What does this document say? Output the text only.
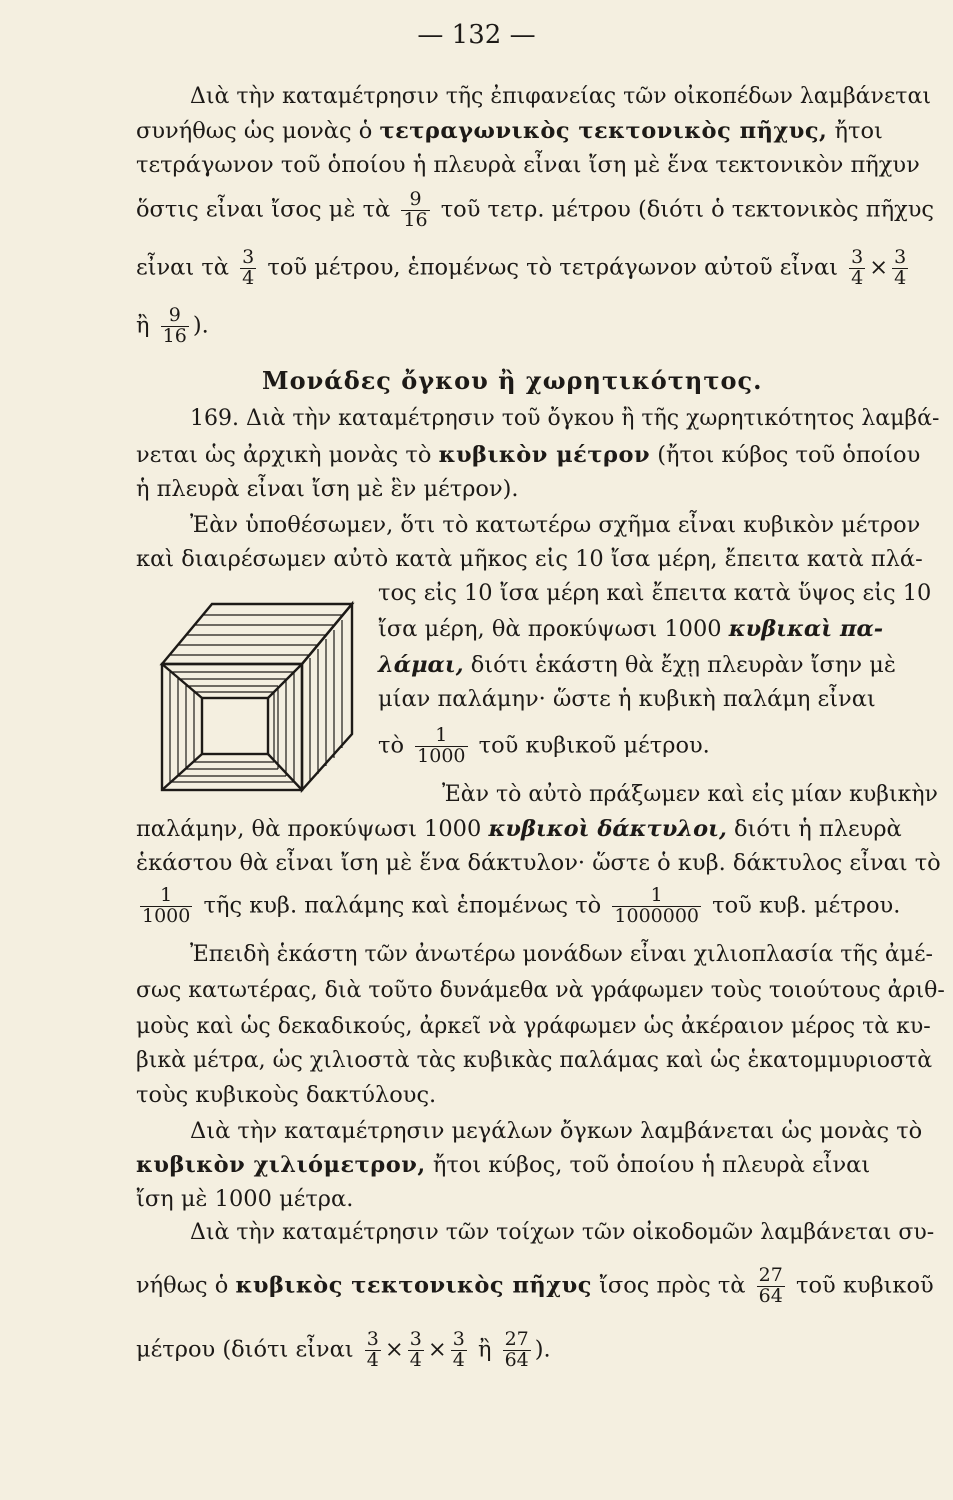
— 132 —
Διὰ τὴν καταμέτρησιν τῆς ἐπιφανείας τῶν οἰκοπέδων λαμβάνεται
συνήθως ὡς μονὰς ὁ τετραγωνικὸς τεκτονικὸς πῆχυς, ἤτοι
τετράγωνον τοῦ ὁποίου ἡ πλευρὰ εἶναι ἴση μὲ ἕνα τεκτονικὸν πῆχυν
ὅστις εἶναι ἴσος μὲ τὰ $\frac{9}{16}$ τοῦ τετρ. μέτρου (διότι ὁ τεκτονικὸς πῆχυς
εἶναι τὰ $\frac{3}{4}$ τοῦ μέτρου, ἑπομένως τὸ τετράγωνον αὐτοῦ εἶναι $\frac{3}{4} \times \frac{3}{4}$
ἢ $\frac{9}{16}$ ).
Μονάδες ὄγκου ἢ χωρητικότητος.
169. Διὰ τὴν καταμέτρησιν τοῦ ὄγκου ἢ τῆς χωρητικότητος λαμβά-
νεται ὡς ἀρχικὴ μονὰς τὸ κυβικὸν μέτρον (ἤτοι κύβος τοῦ ὁποίου
ἡ πλευρὰ εἶναι ἴση μὲ ἓν μέτρον).
Ἐὰν ὑποθέσωμεν, ὅτι τὸ κατωτέρω σχῆμα εἶναι κυβικὸν μέτρον
καὶ διαιρέσωμεν αὐτὸ κατὰ μῆκος εἰς 10 ἴσα μέρη, ἔπειτα κατὰ πλά-
τος εἰς 10 ἴσα μέρη καὶ ἔπειτα κατὰ ὕψος εἰς 10
ἴσα μέρη, θὰ προκύψωσι 1000 κυβικαὶ πα-
λάμαι, διότι ἑκάστη θὰ ἔχῃ πλευρὰν ἴσην μὲ
μίαν παλάμην· ὥστε ἡ κυβικὴ παλάμη εἶναι
τὸ $\frac{1}{1000}$ τοῦ κυβικοῦ μέτρου.
Ἐὰν τὸ αὐτὸ πράξωμεν καὶ εἰς μίαν κυβικὴν
παλάμην, θὰ προκύψωσι 1000 κυβικοὶ δάκτυλοι, διότι ἡ πλευρὰ
ἑκάστου θὰ εἶναι ἴση μὲ ἕνα δάκτυλον· ὥστε ὁ κυβ. δάκτυλος εἶναι τὸ
$\frac{1}{1000}$ τῆς κυβ. παλάμης καὶ ἑπομένως τὸ $\frac{1}{1000000}$ τοῦ κυβ. μέτρου.
Ἐπειδὴ ἑκάστη τῶν ἀνωτέρω μονάδων εἶναι χιλιοπλασία τῆς ἀμέ-
σως κατωτέρας, διὰ τοῦτο δυνάμεθα νὰ γράφωμεν τοὺς τοιούτους ἀριθ-
μοὺς καὶ ὡς δεκαδικούς, ἀρκεῖ νὰ γράφωμεν ὡς ἀκέραιον μέρος τὰ κυ-
βικὰ μέτρα, ὡς χιλιοστὰ τὰς κυβικὰς παλάμας καὶ ὡς ἑκατομμυριοστὰ
τοὺς κυβικοὺς δακτύλους.
Διὰ τὴν καταμέτρησιν μεγάλων ὄγκων λαμβάνεται ὡς μονὰς τὸ
κυβικὸν χιλιόμετρον, ἤτοι κύβος, τοῦ ὁποίου ἡ πλευρὰ εἶναι
ἴση μὲ 1000 μέτρα.
Διὰ τὴν καταμέτρησιν τῶν τοίχων τῶν οἰκοδομῶν λαμβάνεται συ-
νήθως ὁ κυβικὸς τεκτονικὸς πῆχυς ἴσος πρὸς τὰ $\frac{27}{64}$ τοῦ κυβικοῦ
μέτρου (διότι εἶναι $\frac{3}{4} \times \frac{3}{4} \times \frac{3}{4}$ ἢ $\frac{27}{64}$ ).
